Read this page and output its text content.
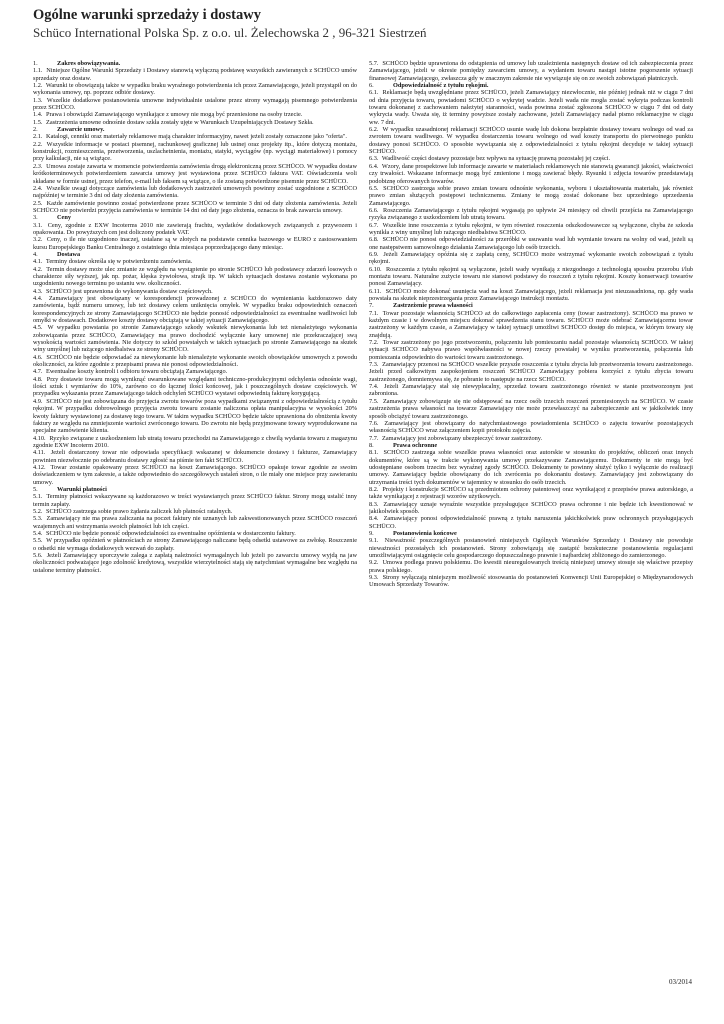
Ogólne warunki sprzedaży i dostawy

Schüco International Polska Sp. z o.o. ul. Żelechowska 2 , 96-321 Siestrzeń

1.	Zakres obowiązywania.

1.1. Niniejsze Ogólne Warunki Sprzedaży i Dostawy stanowią wyłączną podstawę wszystkich zawieranych z SCHÜCO umów sprzedaży oraz dostaw.

1.2. Warunki te obowiązują także w wypadku braku wyraźnego potwierdzenia ich przez Zamawiającego, jeżeli przystąpił on do wykonania umowy, np. poprzez odbiór dostawy.

1.3. Wszelkie dodatkowe postanowienia umowne indywidualnie ustalone przez strony wymagają pisemnego potwierdzenia przez SCHÜCO.

1.4. Prawa i obowiązki Zamawiającego wynikające z umowy nie mogą być przeniesione na osoby trzecie.

1.5. Zastrzeżenia umowne odnośnie dostaw szkła zostały ujęte w Warunkach Uzupełniających Dostawy Szkła.

2.	Zawarcie umowy.

2.1. Katalogi, cenniki oraz materiały reklamowe mają charakter informacyjny, nawet jeżeli zostały oznaczone jako "oferta".

2.2. Wszystkie informacje w postaci pisemnej, rachunkowej graficznej lub ustnej oraz projekty itp., które dotyczą montażu, konstrukcji, rozmieszczenia, przetworzenia, uszlachetnienia, montażu, statyki, wyciągów (np. wyciągi materiałowe) i pomocy przy kalkulacji, nie są wiążące.

2.3. Umowa zostaje zawarta w momencie potwierdzenia zamówienia drogą elektroniczną przez SCHÜCO. W wypadku dostaw krótkoterminowych potwierdzeniem zawarcia umowy jest wystawiona przez SCHÜCO faktura VAT. Oświadczenia woli składane w formie ustnej, przez telefon, e-mail lub faksem są wiążące, o ile zostaną potwierdzone pisemnie przez SCHÜCO.

2.4. Wszelkie uwagi dotyczące zamówienia lub dodatkowych zastrzeżeń umownych powinny zostać uzgodnione z SCHÜCO najpóźniej w terminie 3 dni od daty złożenia zamówienia.

2.5. Każde zamówienie powinno zostać potwierdzone przez SCHÜCO w terminie 3 dni od daty złożenia zamówienia. Jeżeli SCHÜCO nie potwierdzi przyjęcia zamówienia w terminie 14 dni od daty jego złożenia, oznacza to brak zawarcia umowy.

3.	Ceny

3.1. Ceny, zgodnie z EXW Incoterms 2010 nie zawierają frachtu, wydatków dodatkowych związanych z przywozem i opakowania. Do powyższych cen jest doliczony podatek VAT.

3.2. Ceny, o ile nie uzgodniono inaczej, ustalane są w złotych na podstawie cennika bazowego w EURO z zastosowaniem kursu Europejskiego Banku Centralnego z ostatniego dnia miesiąca poprzedzającego dany miesiąc.

4.	Dostawa

4.1. Terminy dostaw określa się w potwierdzeniu zamówienia.

4.2. Termin dostawy może ulec zmianie ze względu na wystąpienie po stronie SCHÜCO lub podostawcy zdarzeń losowych o charakterze siły wyższej, jak np. pożar, klęska żywiołowa, strajk itp. W takich sytuacjach dostawa zostanie wykonana po uzgodnieniu nowego terminu po ustaniu ww. okoliczności.

4.3. SCHÜCO jest uprawniona do wykonywania dostaw częściowych.

4.4. Zamawiający jest obowiązany w korespondencji prowadzonej z SCHÜCO do wymieniania każdorazowo daty zamówienia, bądź numeru umowy, lub też dostawy celem uniknięcia omyłek. W wypadku braku odpowiednich oznaczeń korespondencyjnych ze strony Zamawiającego SCHÜCO nie będzie ponosić odpowiedzialności za ewentualne wadliwości lub omyłki w dostawach. Dodatkowe koszty dostawy obciążają w takiej sytuacji Zamawiającego.

4.5. W wypadku powstania po stronie Zamawiającego szkody wskutek niewykonania lub też nienależytego wykonania zobowiązania przez SCHÜCO, Zamawiający ma prawo dochodzić wyłącznie kary umownej nie przekraczającej swą wysokością wartości zamówienia. Nie dotyczy to szkód powstałych w takich sytuacjach po stronie Zamawiającego na skutek winy umyślnej lub rażącego niedbalstwa ze strony SCHÜCO.

4.6. SCHÜCO nie będzie odpowiadać za niewykonanie lub nienależyte wykonanie swoich obowiązków umownych z powodu okoliczności, za które zgodnie z przepisami prawa nie ponosi odpowiedzialności.

4.7. Ewentualne koszty kontroli i odbioru towaru obciążają Zamawiającego.

4.8. Przy dostawie towaru mogą wyniknąć uwarunkowane względami techniczno-produkcyjnymi odchylenia odnośnie wagi, ilości sztuk i wymiarów do 10%, zarówno co do łącznej ilości końcowej, jak i poszczególnych dostaw częściowych. W przypadku wykazania przez Zamawiającego takich odchyleń SCHÜCO wystawi odpowiednią fakturę korygującą.

4.9. SCHÜCO nie jest zobowiązana do przyjęcia zwrotu towarów poza wypadkami związanymi z odpowiedzialnością z tytułu rękojmi. W przypadku dobrowolnego przyjęcia zwrotu towaru zostanie naliczona opłata manipulacyjna w wysokości 20% kwoty faktury wystawionej za dostawę tego towaru. W takim wypadku SCHÜCO będzie także uprawniona do obniżenia kwoty faktury ze względu na zmniejszenie wartości zwróconego towaru. Do zwrotu nie będą przyjmowane towary wyprodukowane na specjalne zamówienie klienta.

4.10. Ryzyko związane z uszkodzeniem lub utratą towaru przechodzi na Zamawiającego z chwilą wydania towaru z magazynu zgodnie EXW Incoterm 2010.

4.11. Jeżeli dostarczony towar nie odpowiada specyfikacji wskazanej w dokumencie dostawy i fakturze, Zamawiający powinien niezwłocznie po odebraniu dostawy zgłosić na piśmie ten fakt SCHÜCO.

4.12. Towar zostanie opakowany przez SCHÜCO na koszt Zamawiającego. SCHÜCO opakuje towar zgodnie ze swoim doświadczeniem w tym zakresie, a także odpowiednio do szczegółowych ustaleń stron, o ile miały one miejsce przy zawieraniu umowy.

5.	Warunki płatności

5.1. Terminy płatności wskazywane są każdorazowo w treści wystawianych przez SCHÜCO faktur. Strony mogą ustalić inny termin zapłaty.

5.2. SCHÜCO zastrzega sobie prawo żądania zaliczek lub płatności ratalnych.

5.3. Zamawiający nie ma prawa zaliczania na poczet faktury nie uznanych lub zakwestionowanych przez SCHÜCO roszczeń wzajemnych ani wstrzymania swoich płatności lub ich części.

5.4. SCHÜCO nie będzie ponosić odpowiedzialności za ewentualne opóźnienia w dostarczeniu faktury.

5.5. W przypadku opóźnień w płatnościach ze strony Zamawiającego naliczane będą odsetki ustawowe za zwłokę. Roszczenie o odsetki nie wymaga dodatkowych wezwań do zapłaty.

5.6. Jeżeli Zamawiający uporczywie zalega z zapłatą należności wymagalnych lub jeżeli po zawarciu umowy wyjdą na jaw okoliczności podważające jego zdolność kredytową, wszystkie wierzytelności stają się natychmiast wymagalne bez względu na ustalone terminy płatności.

5.7. SCHÜCO będzie uprawniona do odstąpienia od umowy lub uzależnienia następnych dostaw od ich zabezpieczenia przez Zamawiającego, jeżeli w okresie pomiędzy zawarciem umowy, a wydaniem towaru nastąpi istotne pogorszenie sytuacji finansowej Zamawiającego, zwłaszcza gdy w znacznym zakresie nie wywiązuje się on ze swoich zobowiązań płatniczych.

6.	Odpowiedzialność z tytułu rękojmi.

6.1. Reklamacje będą uwzględniane przez SCHÜCO, jeżeli Zamawiający niezwłocznie, nie później jednak niż w ciągu 7 dni od dnia przyjęcia towaru, powiadomi SCHÜCO o wykrytej wadzie. Jeżeli wada nie mogła zostać wykryta podczas kontroli towaru dokonanej z zachowaniem należytej staranności, wada powinna zostać zgłoszona SCHÜCO w ciągu 7 dni od daty wykrycia wady. Uważa się, iż terminy powyższe zostały zachowane, jeżeli Zamawiający nadał pismo reklamacyjne w ciągu ww. 7 dni.

6.2. W wypadku uzasadnionej reklamacji SCHÜCO usunie wadę lub dokona bezpłatnie dostawy towaru wolnego od wad za zwrotem towaru wadliwego. W wypadku dostarczenia towaru wolnego od wad koszty transportu do pierwotnego punktu dostawy ponosi SCHÜCO. O sposobie wywiązania się z odpowiedzialności z tytułu rękojmi decyduje w takiej sytuacji SCHÜCO.

6.3. Wadliwość części dostawy pozostaje bez wpływu na sytuację prawną pozostałej jej części.

6.4. Wzory, dane prospektowe lub informacje zawarte w materiałach reklamowych nie stanowią gwarancji jakości, właściwości czy trwałości. Wskazane informacje mogą być zmienione i mogą zawierać błędy. Rysunki i zdjęcia towarów przedstawiają podobiznę oferowanych towarów.

6.5. SCHÜCO zastrzega sobie prawo zmian towaru odnośnie wykonania, wyboru i ukształtowania materiału, jak również prawo zmian służących postępowi technicznemu. Zmiany te mogą zostać dokonane bez uprzedniego uprzedzenia Zamawiającego.

6.6. Roszczenia Zamawiającego z tytułu rękojmi wygasają po upływie 24 miesięcy od chwili przejścia na Zamawiającego ryzyka związanego z uszkodzeniem lub utratą towaru.

6.7. Wszelkie inne roszczenia z tytułu rękojmi, w tym również roszczenia odszkodowawcze są wyłączone, chyba że szkoda wynikła z winy umyślnej lub rażącego niedbalstwa SCHÜCO.

6.8. SCHÜCO nie ponosi odpowiedzialności za przeróbki w usuwaniu wad lub wymianie towaru na wolny od wad, jeżeli są one następstwem samowolnego działania Zamawiającego lub osób trzecich.

6.9. Jeżeli Zamawiający opóźnia się z zapłatą ceny, SCHÜCO może wstrzymać wykonanie swoich zobowiązań z tytułu rękojmi.

6.10. Roszczenia z tytułu rękojmi są wyłączone, jeżeli wady wynikają z niezgodnego z technologią sposobu przerobu i/lub montażu towaru. Naturalne zużycie towaru nie stanowi podstawy do roszczeń z tytułu rękojmi. Koszty konserwacji towarów ponosi Zamawiający.

6.11. SCHÜCO może dokonać usunięcia wad na koszt Zamawiającego, jeżeli reklamacja jest nieuzasadniona, np. gdy wada powstała na skutek nieprzestrzegania przez Zamawiającego instrukcji montażu.

7.	Zastrzeżenie prawa własności

7.1. Towar pozostaje własnością SCHÜCO aż do całkowitego zapłacenia ceny (towar zastrzeżony). SCHÜCO ma prawo w każdym czasie i w dowolnym miejscu dokonać sprawdzenia stanu towaru. SCHÜCO może odebrać Zamawiającemu towar zastrzeżony w każdym czasie, a Zamawiający w takiej sytuacji umożliwi SCHÜCO dostęp do miejsca, w którym towary się znajdują.

7.2. Towar zastrzeżony po jego przetworzeniu, połączeniu lub pomieszaniu nadal pozostaje własnością SCHÜCO. W takiej sytuacji SCHÜCO nabywa prawo współwłasności w nowej rzeczy powstałej w wyniku przetworzenia, połączenia lub pomieszania odpowiednio do wartości towaru zastrzeżonego.

7.3. Zamawiający przenosi na SCHÜCO wszelkie przyszłe roszczenia z tytułu zbycia lub przetworzenia towaru zastrzeżonego. Jeżeli przed całkowitym zaspokojeniem roszczeń SCHÜCO Zamawiający pobiera korzyści z tytułu zbycia towaru zastrzeżonego, domniemywa się, że pobranie to następuje na rzecz SCHÜCO.

7.4. Jeżeli Zamawiający stał się niewypłacalny, sprzedaż towaru zastrzeżonego również w stanie przetworzonym jest zabroniona.

7.5. Zamawiający zobowiązuje się nie odstępować na rzecz osób trzecich roszczeń przeniesionych na SCHÜCO. W czasie zastrzeżenia prawa własności na towarze Zamawiający nie może przewłaszczyć na zabezpieczenie ani w jakikolwiek inny sposób obciążyć towaru zastrzeżonego.

7.6. Zamawiający jest obowiązany do natychmiastowego powiadomienia SCHÜCO o zajęciu towarów pozostających własnością SCHÜCO wraz załączeniem kopii protokołu zajęcia.

7.7. Zamawiający jest zobowiązany ubezpieczyć towar zastrzeżony.

8.	Prawa ochronne

8.1. SCHÜCO zastrzega sobie wszelkie prawa własności oraz autorskie w stosunku do projektów, obliczeń oraz innych dokumentów, które są w trakcie wykonywania umowy przekazywane Zamawiającemu. Dokumenty te nie mogą być udostępniane osobom trzecim bez wyraźnej zgody SCHÜCO. Dokumenty te powinny służyć tylko i wyłącznie do realizacji umowy. Zamawiający będzie obowiązany do ich zwrócenia po dokonaniu dostawy. Zamawiający jest zobowiązany do utrzymania treści tych dokumentów w tajemnicy w stosunku do osób trzecich.

8.2. Projekty i konstrukcje SCHÜCO są przedmiotem ochrony patentowej oraz wynikającej z przepisów prawa autorskiego, a także wynikającej z rejestracji wzorów użytkowych.

8.3. Zamawiający uznaje wyraźnie wszystkie przysługujące SCHÜCO prawa ochronne i nie będzie ich kwestionować w jakikolwiek sposób.

8.4. Zamawiający ponosi odpowiedzialność prawną z tytułu naruszenia jakichkolwiek praw ochronnych przysługujących SCHÜCO.

9.	Postanowienia końcowe

9.1. Nieważność poszczególnych postanowień niniejszych Ogólnych Warunków Sprzedaży i Dostawy nie powoduje nieważności pozostałych ich postanowień. Strony zobowiązują się zastąpić bezskuteczne postanowienia regulacjami umożliwiającymi osiągnięcie celu gospodarczego dopuszczalnego prawnie i najbardziej zbliżonego do zamierzonego.

9.2. Umowa podlega prawu polskiemu. Do kwestii nieuregulowanych treścią niniejszej umowy stosuje się właściwe przepisy prawa polskiego.

9.3. Strony wyłączają niniejszym możliwość stosowania do postanowień Konwencji Unii Europejskiej o Międzynarodowych Umowach Sprzedaży Towarów.

03/2014
